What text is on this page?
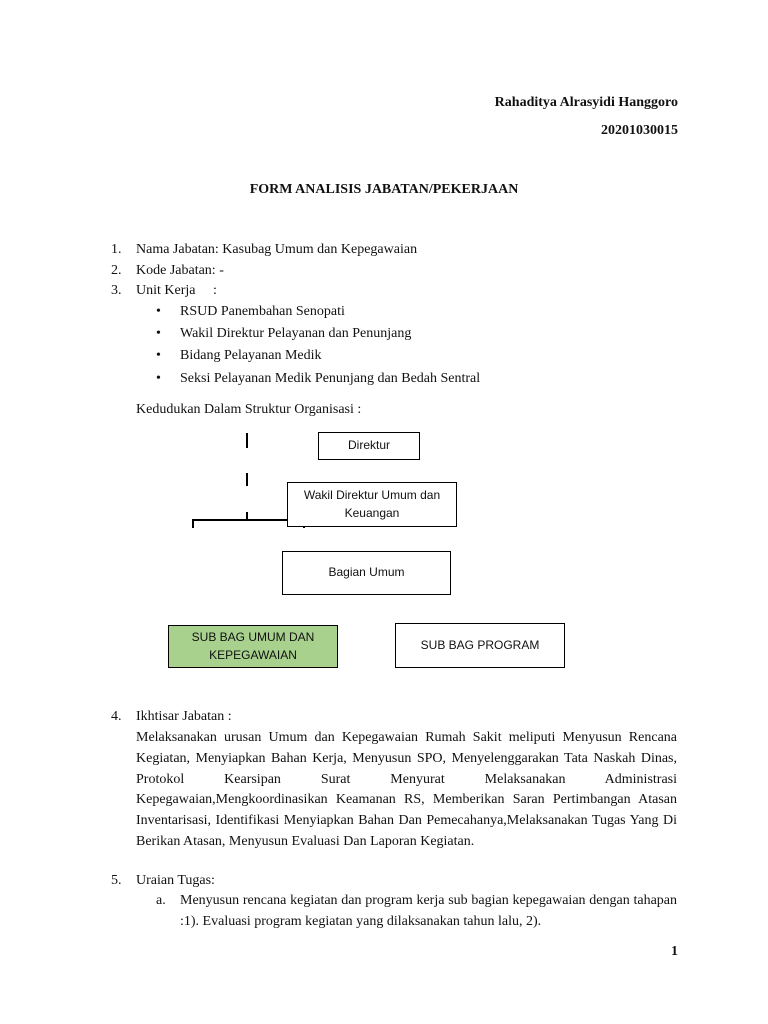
Rahaditya Alrasyidi Hanggoro
20201030015
FORM ANALISIS JABATAN/PEKERJAAN
1. Nama Jabatan: Kasubag Umum dan Kepegawaian
2. Kode Jabatan: -
3. Unit Kerja     :
• RSUD Panembahan Senopati
• Wakil Direktur Pelayanan dan Penunjang
• Bidang Pelayanan Medik
• Seksi Pelayanan Medik Penunjang dan Bedah Sentral
Kedudukan Dalam Struktur Organisasi :
Direktur
Wakil Direktur Umum dan
Keuangan
Bagian Umum
SUB BAG UMUM DAN
KEPEGAWAIAN
SUB BAG PROGRAM
4. Ikhtisar Jabatan :

Melaksanakan urusan Umum dan Kepegawaian Rumah Sakit meliputi Menyusun Rencana Kegiatan, Menyiapkan Bahan Kerja, Menyusun SPO, Menyelenggarakan Tata Naskah Dinas, Protokol Kearsipan Surat Menyurat Melaksanakan Administrasi Kepegawaian,Mengkoordinasikan Keamanan RS, Memberikan Saran Pertimbangan Atasan Inventarisasi, Identifikasi Menyiapkan Bahan Dan Pemecahanya,Melaksanakan Tugas Yang Di Berikan Atasan, Menyusun Evaluasi Dan Laporan Kegiatan.

5. Uraian Tugas:
a. Menyusun rencana kegiatan dan program kerja sub bagian kepegawaian dengan tahapan :1). Evaluasi program kegiatan yang dilaksanakan tahun lalu, 2).

1
